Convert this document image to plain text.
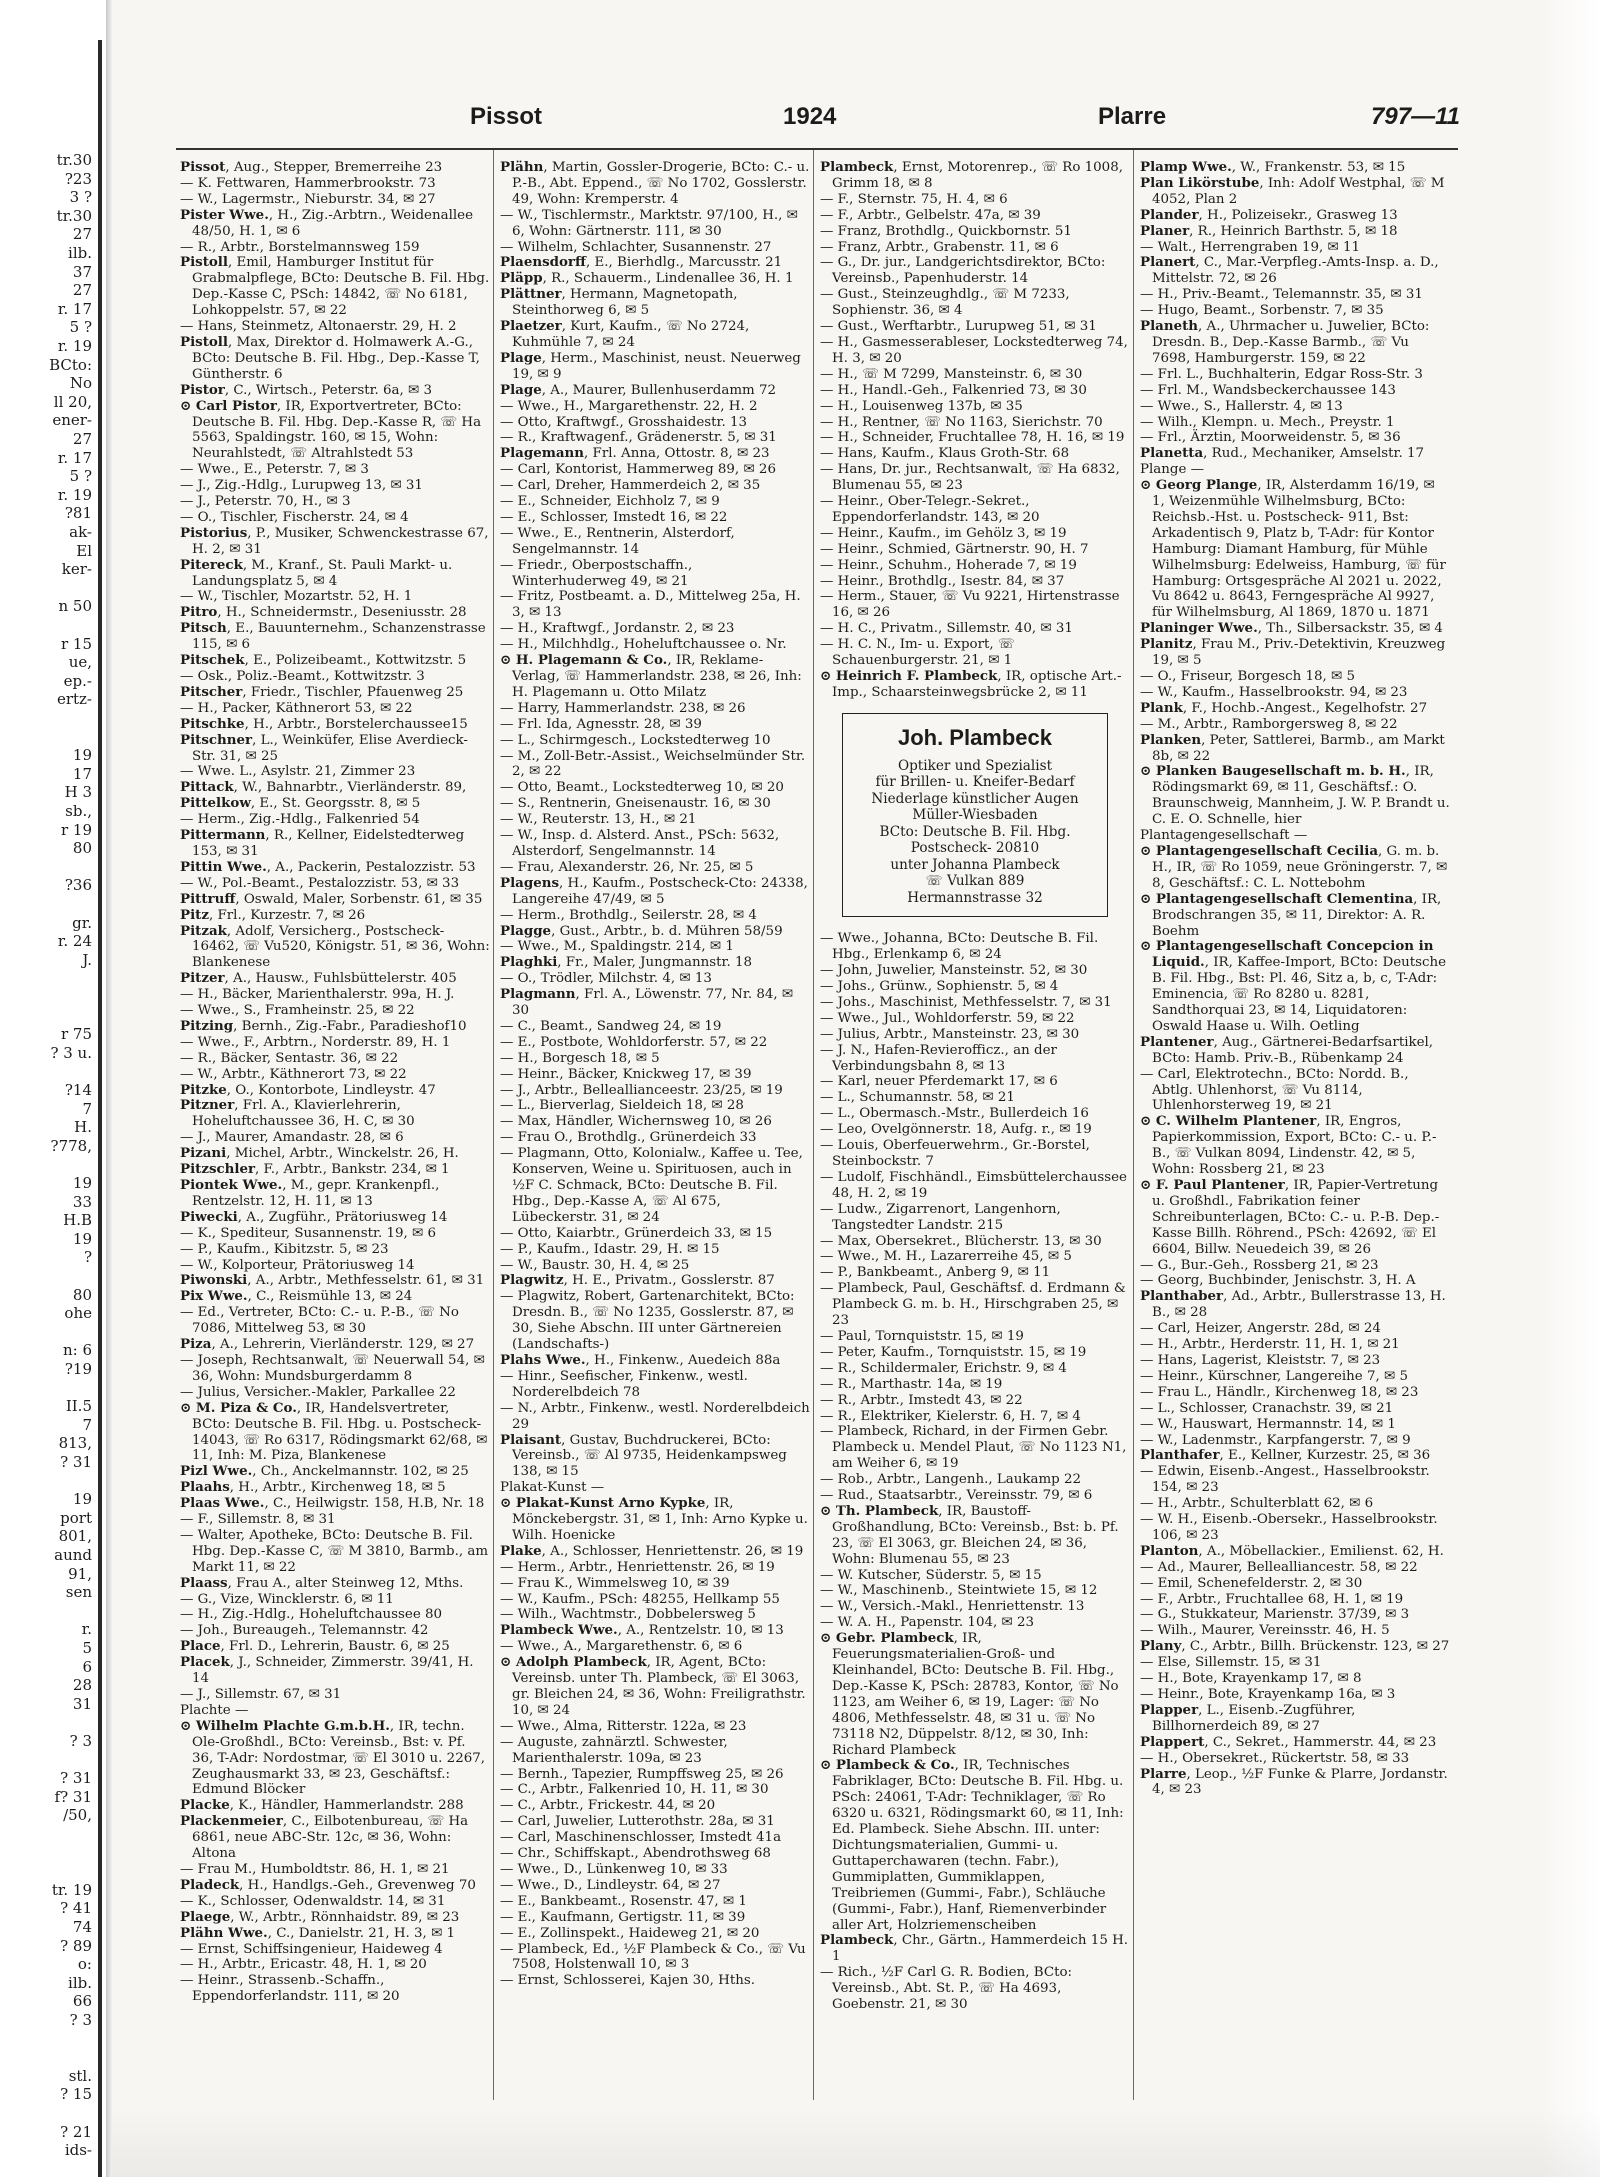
tr.30
?23
3 ?
tr.30
27
ilb.
37
27
r. 17
5 ?
r. 19
BCto:
No
ll 20,
ener-
27
r. 17
5 ?
r. 19
?81
ak-
El
ker-
n 50
r 15
ue,
ep.-
ertz-
19
17
H 3
sb.,
r 19
80
?36
gr.
r. 24
J.
r 75
? 3 u.
?14
7
H.
?778,
19
33
H.B
19
?
80
ohe
n: 6
?19
II.5
7
813,
? 31
19
port
801,
aund
91,
sen
r.
5
6
28
31
? 3
? 31
f? 31
/50,
tr. 19
? 41
74
? 89
o:
ilb.
66
? 3
stl.
? 15
? 21
ids-
Pissot	1924	Plarre	797—11

Pissot, Aug., Stepper, Bremerreihe 23

— K. Fettwaren, Hammerbrookstr. 73

— W., Lagermstr., Nieburstr. 34, ✉ 27

Pister Wwe., H., Zig.-Arbtrn., Weidenallee 48/50, H. 1, ✉ 6

— R., Arbtr., Borstelmannsweg 159

Pistoll, Emil, Hamburger Institut für Grabmalpflege, BCto: Deutsche B. Fil. Hbg. Dep.-Kasse C, PSch: 14842, ☏ No 6181, Lohkoppelstr. 57, ✉ 22

— Hans, Steinmetz, Altonaerstr. 29, H. 2

Pistoll, Max, Direktor d. Holmawerk A.-G., BCto: Deutsche B. Fil. Hbg., Dep.-Kasse T, Güntherstr. 6

Pistor, C., Wirtsch., Peterstr. 6a, ✉ 3

⊙ Carl Pistor, IR, Exportvertreter, BCto: Deutsche B. Fil. Hbg. Dep.-Kasse R, ☏ Ha 5563, Spaldingstr. 160, ✉ 15, Wohn: Neurahlstedt, ☏ Altrahlstedt 53

— Wwe., E., Peterstr. 7, ✉ 3

— J., Zig.-Hdlg., Lurupweg 13, ✉ 31

— J., Peterstr. 70, H., ✉ 3

— O., Tischler, Fischerstr. 24, ✉ 4

Pistorius, P., Musiker, Schwenckestrasse 67, H. 2, ✉ 31

Pitereck, M., Kranf., St. Pauli Markt- u. Landungsplatz 5, ✉ 4

— W., Tischler, Mozartstr. 52, H. 1

Pitro, H., Schneidermstr., Deseniusstr. 28

Pitsch, E., Bauunternehm., Schanzenstrasse 115, ✉ 6

Pitschek, E., Polizeibeamt., Kottwitzstr. 5

— Osk., Poliz.-Beamt., Kottwitzstr. 3

Pitscher, Friedr., Tischler, Pfauenweg 25

— H., Packer, Käthnerort 53, ✉ 22

Pitschke, H., Arbtr., Borstelerchaussee15

Pitschner, L., Weinküfer, Elise Averdieck-Str. 31, ✉ 25

— Wwe. L., Asylstr. 21, Zimmer 23

Pittack, W., Bahnarbtr., Vierländerstr. 89,

Pittelkow, E., St. Georgsstr. 8, ✉ 5

— Herm., Zig.-Hdlg., Falkenried 54

Pittermann, R., Kellner, Eidelstedterweg 153, ✉ 31

Pittin Wwe., A., Packerin, Pestalozzistr. 53

— W., Pol.-Beamt., Pestalozzistr. 53, ✉ 33

Pittruff, Oswald, Maler, Sorbenstr. 61, ✉ 35

Pitz, Frl., Kurzestr. 7, ✉ 26

Pitzak, Adolf, Versicherg., Postscheck-16462, ☏ Vu520, Königstr. 51, ✉ 36, Wohn: Blankenese

Pitzer, A., Hausw., Fuhlsbüttelerstr. 405

— H., Bäcker, Marienthalerstr. 99a, H. J.

— Wwe., S., Framheinstr. 25, ✉ 22

Pitzing, Bernh., Zig.-Fabr., Paradieshof10

— Wwe., F., Arbtrn., Norderstr. 89, H. 1

— R., Bäcker, Sentastr. 36, ✉ 22

— W., Arbtr., Käthnerort 73, ✉ 22

Pitzke, O., Kontorbote, Lindleystr. 47

Pitzner, Frl. A., Klavierlehrerin, Hoheluftchaussee 36, H. C, ✉ 30

— J., Maurer, Amandastr. 28, ✉ 6

Pizani, Michel, Arbtr., Winckelstr. 26, H.

Pitzschler, F., Arbtr., Bankstr. 234, ✉ 1

Piontek Wwe., M., gepr. Krankenpfl., Rentzelstr. 12, H. 11, ✉ 13

Piwecki, A., Zugführ., Prätoriusweg 14

— K., Spediteur, Susannenstr. 19, ✉ 6

— P., Kaufm., Kibitzstr. 5, ✉ 23

— W., Kolporteur, Prätoriusweg 14

Piwonski, A., Arbtr., Methfesselstr. 61, ✉ 31

Pix Wwe., C., Reismühle 13, ✉ 24

— Ed., Vertreter, BCto: C.- u. P.-B., ☏ No 7086, Mittelweg 53, ✉ 30

Piza, A., Lehrerin, Vierländerstr. 129, ✉ 27

— Joseph, Rechtsanwalt, ☏ Neuerwall 54, ✉ 36, Wohn: Mundsburgerdamm 8

— Julius, Versicher.-Makler, Parkallee 22

⊙ M. Piza & Co., IR, Handelsvertreter, BCto: Deutsche B. Fil. Hbg. u. Postscheck-14043, ☏ Ro 6317, Rödingsmarkt 62/68, ✉ 11, Inh: M. Piza, Blankenese

Pizl Wwe., Ch., Anckelmannstr. 102, ✉ 25

Plaahs, H., Arbtr., Kirchenweg 18, ✉ 5

Plaas Wwe., C., Heilwigstr. 158, H.B, Nr. 18

— F., Sillemstr. 8, ✉ 31

— Walter, Apotheke, BCto: Deutsche B. Fil. Hbg. Dep.-Kasse C, ☏ M 3810, Barmb., am Markt 11, ✉ 22

Plaass, Frau A., alter Steinweg 12, Mths.

— G., Vize, Wincklerstr. 6, ✉ 11

— H., Zig.-Hdlg., Hoheluftchaussee 80

— Joh., Bureaugeh., Telemannstr. 42

Place, Frl. D., Lehrerin, Baustr. 6, ✉ 25

Placek, J., Schneider, Zimmerstr. 39/41, H. 14

— J., Sillemstr. 67, ✉ 31

Plachte —

⊙ Wilhelm Plachte G.m.b.H., IR, techn. Ole-Großhdl., BCto: Vereinsb., Bst: v. Pf. 36, T-Adr: Nordostmar, ☏ El 3010 u. 2267, Zeughausmarkt 33, ✉ 23, Geschäftsf.: Edmund Blöcker

Placke, K., Händler, Hammerlandstr. 288

Plackenmeier, C., Eilbotenbureau, ☏ Ha 6861, neue ABC-Str. 12c, ✉ 36, Wohn: Altona

— Frau M., Humboldtstr. 86, H. 1, ✉ 21

Pladeck, H., Handlgs.-Geh., Grevenweg 70

— K., Schlosser, Odenwaldstr. 14, ✉ 31

Plaege, W., Arbtr., Rönnhaidstr. 89, ✉ 23

Plähn Wwe., C., Danielstr. 21, H. 3, ✉ 1

— Ernst, Schiffsingenieur, Haideweg 4

— H., Arbtr., Ericastr. 48, H. 1, ✉ 20

— Heinr., Strassenb.-Schaffn., Eppendorferlandstr. 111, ✉ 20

Plähn, Martin, Gossler-Drogerie, BCto: C.- u. P.-B., Abt. Eppend., ☏ No 1702, Gosslerstr. 49, Wohn: Kremperstr. 4

— W., Tischlermstr., Marktstr. 97/100, H., ✉ 6, Wohn: Gärtnerstr. 111, ✉ 30

— Wilhelm, Schlachter, Susannenstr. 27

Plaensdorff, E., Bierhdlg., Marcusstr. 21

Pläpp, R., Schauerm., Lindenallee 36, H. 1

Plättner, Hermann, Magnetopath, Steinthorweg 6, ✉ 5

Plaetzer, Kurt, Kaufm., ☏ No 2724, Kuhmühle 7, ✉ 24

Plage, Herm., Maschinist, neust. Neuerweg 19, ✉ 9

Plage, A., Maurer, Bullenhuserdamm 72

— Wwe., H., Margarethenstr. 22, H. 2

— Otto, Kraftwgf., Grosshaidestr. 13

— R., Kraftwagenf., Grädenerstr. 5, ✉ 31

Plagemann, Frl. Anna, Ottostr. 8, ✉ 23

— Carl, Kontorist, Hammerweg 89, ✉ 26

— Carl, Dreher, Hammerdeich 2, ✉ 35

— E., Schneider, Eichholz 7, ✉ 9

— E., Schlosser, Imstedt 16, ✉ 22

— Wwe., E., Rentnerin, Alsterdorf, Sengelmannstr. 14

— Friedr., Oberpostschaffn., Winterhuderweg 49, ✉ 21

— Fritz, Postbeamt. a. D., Mittelweg 25a, H. 3, ✉ 13

— H., Kraftwgf., Jordanstr. 2, ✉ 23

— H., Milchhdlg., Hoheluftchaussee o. Nr.

⊙ H. Plagemann & Co., IR, Reklame-Verlag, ☏ Hammerlandstr. 238, ✉ 26, Inh: H. Plagemann u. Otto Milatz

— Harry, Hammerlandstr. 238, ✉ 26

— Frl. Ida, Agnesstr. 28, ✉ 39

— L., Schirmgesch., Lockstedterweg 10

— M., Zoll-Betr.-Assist., Weichselmünder Str. 2, ✉ 22

— Otto, Beamt., Lockstedterweg 10, ✉ 20

— S., Rentnerin, Gneisenaustr. 16, ✉ 30

— W., Reuterstr. 13, H., ✉ 21

— W., Insp. d. Alsterd. Anst., PSch: 5632, Alsterdorf, Sengelmannstr. 14

— Frau, Alexanderstr. 26, Nr. 25, ✉ 5

Plagens, H., Kaufm., Postscheck-Cto: 24338, Langereihe 47/49, ✉ 5

— Herm., Brothdlg., Seilerstr. 28, ✉ 4

Plagge, Gust., Arbtr., b. d. Mühren 58/59

— Wwe., M., Spaldingstr. 214, ✉ 1

Plaghki, Fr., Maler, Jungmannstr. 18

— O., Trödler, Milchstr. 4, ✉ 13

Plagmann, Frl. A., Löwenstr. 77, Nr. 84, ✉ 30

— C., Beamt., Sandweg 24, ✉ 19

— E., Postbote, Wohldorferstr. 57, ✉ 22

— H., Borgesch 18, ✉ 5

— Heinr., Bäcker, Knickweg 17, ✉ 39

— J., Arbtr., Belleallianceestr. 23/25, ✉ 19

— L., Bierverlag, Sieldeich 18, ✉ 28

— Max, Händler, Wichernsweg 10, ✉ 26

— Frau O., Brothdlg., Grünerdeich 33

— Plagmann, Otto, Kolonialw., Kaffee u. Tee, Konserven, Weine u. Spirituosen, auch in ½F C. Schmack, BCto: Deutsche B. Fil. Hbg., Dep.-Kasse A, ☏ Al 675, Lübeckerstr. 31, ✉ 24

— Otto, Kaiarbtr., Grünerdeich 33, ✉ 15

— P., Kaufm., Idastr. 29, H. ✉ 15

— W., Baustr. 30, H. 4, ✉ 25

Plagwitz, H. E., Privatm., Gosslerstr. 87

— Plagwitz, Robert, Gartenarchitekt, BCto: Dresdn. B., ☏ No 1235, Gosslerstr. 87, ✉ 30, Siehe Abschn. III unter Gärtnereien (Landschafts-)

Plahs Wwe., H., Finkenw., Auedeich 88a

— Hinr., Seefischer, Finkenw., westl. Norderelbdeich 78

— N., Arbtr., Finkenw., westl. Norderelbdeich 29

Plaisant, Gustav, Buchdruckerei, BCto: Vereinsb., ☏ Al 9735, Heidenkampsweg 138, ✉ 15

Plakat-Kunst —

⊙ Plakat-Kunst Arno Kypke, IR, Mönckebergstr. 31, ✉ 1, Inh: Arno Kypke u. Wilh. Hoenicke

Plake, A., Schlosser, Henriettenstr. 26, ✉ 19

— Herm., Arbtr., Henriettenstr. 26, ✉ 19

— Frau K., Wimmelsweg 10, ✉ 39

— W., Kaufm., PSch: 48255, Hellkamp 55

— Wilh., Wachtmstr., Dobbelersweg 5

Plambeck Wwe., A., Rentzelstr. 10, ✉ 13

— Wwe., A., Margarethenstr. 6, ✉ 6

⊙ Adolph Plambeck, IR, Agent, BCto: Vereinsb. unter Th. Plambeck, ☏ El 3063, gr. Bleichen 24, ✉ 36, Wohn: Freiligrathstr. 10, ✉ 24

— Wwe., Alma, Ritterstr. 122a, ✉ 23

— Auguste, zahnärztl. Schwester, Marienthalerstr. 109a, ✉ 23

— Bernh., Tapezier, Rumpffsweg 25, ✉ 26

— C., Arbtr., Falkenried 10, H. 11, ✉ 30

— C., Arbtr., Frickestr. 44, ✉ 20

— Carl, Juwelier, Lutterothstr. 28a, ✉ 31

— Carl, Maschinenschlosser, Imstedt 41a

— Chr., Schiffskapt., Abendrothsweg 68

— Wwe., D., Lünkenweg 10, ✉ 33

— Wwe., D., Lindleystr. 64, ✉ 27

— E., Bankbeamt., Rosenstr. 47, ✉ 1

— E., Kaufmann, Gertigstr. 11, ✉ 39

— E., Zollinspekt., Haideweg 21, ✉ 20

— Plambeck, Ed., ½F Plambeck & Co., ☏ Vu 7508, Holstenwall 10, ✉ 3

— Ernst, Schlosserei, Kajen 30, Hths.

Plambeck, Ernst, Motorenrep., ☏ Ro 1008, Grimm 18, ✉ 8

— F., Sternstr. 75, H. 4, ✉ 6

— F., Arbtr., Gelbelstr. 47a, ✉ 39

— Franz, Brothdlg., Quickbornstr. 51

— Franz, Arbtr., Grabenstr. 11, ✉ 6

— G., Dr. jur., Landgerichtsdirektor, BCto: Vereinsb., Papenhuderstr. 14

— Gust., Steinzeughdlg., ☏ M 7233, Sophienstr. 36, ✉ 4

— Gust., Werftarbtr., Lurupweg 51, ✉ 31

— H., Gasmesserableser, Lockstedterweg 74, H. 3, ✉ 20

— H., ☏ M 7299, Mansteinstr. 6, ✉ 30

— H., Handl.-Geh., Falkenried 73, ✉ 30

— H., Louisenweg 137b, ✉ 35

— H., Rentner, ☏ No 1163, Sierichstr. 70

— H., Schneider, Fruchtallee 78, H. 16, ✉ 19

— Hans, Kaufm., Klaus Groth-Str. 68

— Hans, Dr. jur., Rechtsanwalt, ☏ Ha 6832, Blumenau 55, ✉ 23

— Heinr., Ober-Telegr.-Sekret., Eppendorferlandstr. 143, ✉ 20

— Heinr., Kaufm., im Gehölz 3, ✉ 19

— Heinr., Schmied, Gärtnerstr. 90, H. 7

— Heinr., Schuhm., Hoherade 7, ✉ 19

— Heinr., Brothdlg., Isestr. 84, ✉ 37

— Herm., Stauer, ☏ Vu 9221, Hirtenstrasse 16, ✉ 26

— H. C., Privatm., Sillemstr. 40, ✉ 31

— H. C. N., Im- u. Export, ☏ Schauenburgerstr. 21, ✉ 1

⊙ Heinrich F. Plambeck, IR, optische Art.-Imp., Schaarsteinwegsbrücke 2, ✉ 11

Joh. Plambeck
Optiker und Spezialist
für Brillen- u. Kneifer-Bedarf
Niederlage künstlicher Augen
Müller-Wiesbaden
BCto: Deutsche B. Fil. Hbg.
Postscheck- 20810
unter Johanna Plambeck
☏ Vulkan 889
Hermannstrasse 32

— Wwe., Johanna, BCto: Deutsche B. Fil. Hbg., Erlenkamp 6, ✉ 24

— John, Juwelier, Mansteinstr. 52, ✉ 30

— Johs., Grünw., Sophienstr. 5, ✉ 4

— Johs., Maschinist, Methfesselstr. 7, ✉ 31

— Wwe., Jul., Wohldorferstr. 59, ✉ 22

— Julius, Arbtr., Mansteinstr. 23, ✉ 30

— J. N., Hafen-Revierofficz., an der Verbindungsbahn 8, ✉ 13

— Karl, neuer Pferdemarkt 17, ✉ 6

— L., Schumannstr. 58, ✉ 21

— L., Obermasch.-Mstr., Bullerdeich 16

— Leo, Ovelgönnerstr. 18, Aufg. r., ✉ 19

— Louis, Oberfeuerwehrm., Gr.-Borstel, Steinbockstr. 7

— Ludolf, Fischhändl., Eimsbüttelerchaussee 48, H. 2, ✉ 19

— Ludw., Zigarrenort, Langenhorn, Tangstedter Landstr. 215

— Max, Obersekret., Blücherstr. 13, ✉ 30

— Wwe., M. H., Lazarerreihe 45, ✉ 5

— P., Bankbeamt., Anberg 9, ✉ 11

— Plambeck, Paul, Geschäftsf. d. Erdmann & Plambeck G. m. b. H., Hirschgraben 25, ✉ 23

— Paul, Tornquiststr. 15, ✉ 19

— Peter, Kaufm., Tornquiststr. 15, ✉ 19

— R., Schildermaler, Erichstr. 9, ✉ 4

— R., Marthastr. 14a, ✉ 19

— R., Arbtr., Imstedt 43, ✉ 22

— R., Elektriker, Kielerstr. 6, H. 7, ✉ 4

— Plambeck, Richard, in der Firmen Gebr. Plambeck u. Mendel Plaut, ☏ No 1123 N1, am Weiher 6, ✉ 19

— Rob., Arbtr., Langenh., Laukamp 22

— Rud., Staatsarbtr., Vereinsstr. 79, ✉ 6

⊙ Th. Plambeck, IR, Baustoff-Großhandlung, BCto: Vereinsb., Bst: b. Pf. 23, ☏ El 3063, gr. Bleichen 24, ✉ 36, Wohn: Blumenau 55, ✉ 23

— W. Kutscher, Süderstr. 5, ✉ 15

— W., Maschinenb., Steintwiete 15, ✉ 12

— W., Versich.-Makl., Henriettenstr. 13

— W. A. H., Papenstr. 104, ✉ 23

⊙ Gebr. Plambeck, IR, Feuerungsmaterialien-Groß- und Kleinhandel, BCto: Deutsche B. Fil. Hbg., Dep.-Kasse K, PSch: 28783, Kontor, ☏ No 1123, am Weiher 6, ✉ 19, Lager: ☏ No 4806, Methfesselstr. 48, ✉ 31 u. ☏ No 73118 N2, Düppelstr. 8/12, ✉ 30, Inh: Richard Plambeck

⊙ Plambeck & Co., IR, Technisches Fabriklager, BCto: Deutsche B. Fil. Hbg. u. PSch: 24061, T-Adr: Techniklager, ☏ Ro 6320 u. 6321, Rödingsmarkt 60, ✉ 11, Inh: Ed. Plambeck. Siehe Abschn. III. unter: Dichtungsmaterialien, Gummi- u. Guttaperchawaren (techn. Fabr.), Gummiplatten, Gummiklappen, Treibriemen (Gummi-, Fabr.), Schläuche (Gummi-, Fabr.), Hanf, Riemenverbinder aller Art, Holzriemenscheiben

Plambeck, Chr., Gärtn., Hammerdeich 15 H. 1

— Rich., ½F Carl G. R. Bodien, BCto: Vereinsb., Abt. St. P., ☏ Ha 4693, Goebenstr. 21, ✉ 30

Plamp Wwe., W., Frankenstr. 53, ✉ 15

Plan Likörstube, Inh: Adolf Westphal, ☏ M 4052, Plan 2

Plander, H., Polizeisekr., Grasweg 13

Planer, R., Heinrich Barthstr. 5, ✉ 18

— Walt., Herrengraben 19, ✉ 11

Planert, C., Mar.-Verpfleg.-Amts-Insp. a. D., Mittelstr. 72, ✉ 26

— H., Priv.-Beamt., Telemannstr. 35, ✉ 31

— Hugo, Beamt., Sorbenstr. 7, ✉ 35

Planeth, A., Uhrmacher u. Juwelier, BCto: Dresdn. B., Dep.-Kasse Barmb., ☏ Vu 7698, Hamburgerstr. 159, ✉ 22

— Frl. L., Buchhalterin, Edgar Ross-Str. 3

— Frl. M., Wandsbeckerchaussee 143

— Wwe., S., Hallerstr. 4, ✉ 13

— Wilh., Klempn. u. Mech., Preystr. 1

— Frl., Ärztin, Moorweidenstr. 5, ✉ 36

Planetta, Rud., Mechaniker, Amselstr. 17

Plange —

⊙ Georg Plange, IR, Alsterdamm 16/19, ✉ 1, Weizenmühle Wilhelmsburg, BCto: Reichsb.-Hst. u. Postscheck- 911, Bst: Arkadentisch 9, Platz b, T-Adr: für Kontor Hamburg: Diamant Hamburg, für Mühle Wilhelmsburg: Edelweiss, Hamburg, ☏ für Hamburg: Ortsgespräche Al 2021 u. 2022, Vu 8642 u. 8643, Ferngespräche Al 9927, für Wilhelmsburg, Al 1869, 1870 u. 1871

Planinger Wwe., Th., Silbersackstr. 35, ✉ 4

Planitz, Frau M., Priv.-Detektivin, Kreuzweg 19, ✉ 5

— O., Friseur, Borgesch 18, ✉ 5

— W., Kaufm., Hasselbrookstr. 94, ✉ 23

Plank, F., Hochb.-Angest., Kegelhofstr. 27

— M., Arbtr., Ramborgersweg 8, ✉ 22

Planken, Peter, Sattlerei, Barmb., am Markt 8b, ✉ 22

⊙ Planken Baugesellschaft m. b. H., IR, Rödingsmarkt 69, ✉ 11, Geschäftsf.: O. Braunschweig, Mannheim, J. W. P. Brandt u. C. E. O. Schnelle, hier

Plantagengesellschaft —

⊙ Plantagengesellschaft Cecilia, G. m. b. H., IR, ☏ Ro 1059, neue Gröningerstr. 7, ✉ 8, Geschäftsf.: C. L. Nottebohm

⊙ Plantagengesellschaft Clementina, IR, Brodschrangen 35, ✉ 11, Direktor: A. R. Boehm

⊙ Plantagengesellschaft Concepcion in Liquid., IR, Kaffee-Import, BCto: Deutsche B. Fil. Hbg., Bst: Pl. 46, Sitz a, b, c, T-Adr: Eminencia, ☏ Ro 8280 u. 8281, Sandthorquai 23, ✉ 14, Liquidatoren: Oswald Haase u. Wilh. Oetling

Plantener, Aug., Gärtnerei-Bedarfsartikel, BCto: Hamb. Priv.-B., Rübenkamp 24

— Carl, Elektrotechn., BCto: Nordd. B., Abtlg. Uhlenhorst, ☏ Vu 8114, Uhlenhorsterweg 19, ✉ 21

⊙ C. Wilhelm Plantener, IR, Engros, Papierkommission, Export, BCto: C.- u. P.-B., ☏ Vulkan 8094, Lindenstr. 42, ✉ 5, Wohn: Rossberg 21, ✉ 23

⊙ F. Paul Plantener, IR, Papier-Vertretung u. Großhdl., Fabrikation feiner Schreibunterlagen, BCto: C.- u. P.-B. Dep.-Kasse Billh. Röhrend., PSch: 42692, ☏ El 6604, Billw. Neuedeich 39, ✉ 26

— G., Bur.-Geh., Rossberg 21, ✉ 23

— Georg, Buchbinder, Jenischstr. 3, H. A

Planthaber, Ad., Arbtr., Bullerstrasse 13, H. B., ✉ 28

— Carl, Heizer, Angerstr. 28d, ✉ 24

— H., Arbtr., Herderstr. 11, H. 1, ✉ 21

— Hans, Lagerist, Kleiststr. 7, ✉ 23

— Heinr., Kürschner, Langereihe 7, ✉ 5

— Frau L., Händlr., Kirchenweg 18, ✉ 23

— L., Schlosser, Cranachstr. 39, ✉ 21

— W., Hauswart, Hermannstr. 14, ✉ 1

— W., Ladenmstr., Karpfangerstr. 7, ✉ 9

Planthafer, E., Kellner, Kurzestr. 25, ✉ 36

— Edwin, Eisenb.-Angest., Hasselbrookstr. 154, ✉ 23

— H., Arbtr., Schulterblatt 62, ✉ 6

— W. H., Eisenb.-Obersekr., Hasselbrookstr. 106, ✉ 23

Planton, A., Möbellackier., Emilienst. 62, H.

— Ad., Maurer, Bellealliancestr. 58, ✉ 22

— Emil, Schenefelderstr. 2, ✉ 30

— F., Arbtr., Fruchtallee 68, H. 1, ✉ 19

— G., Stukkateur, Marienstr. 37/39, ✉ 3

— Wilh., Maurer, Vereinsstr. 46, H. 5

Plany, C., Arbtr., Billh. Brückenstr. 123, ✉ 27

— Else, Sillemstr. 15, ✉ 31

— H., Bote, Krayenkamp 17, ✉ 8

— Heinr., Bote, Krayenkamp 16a, ✉ 3

Plapper, L., Eisenb.-Zugführer, Billhornerdeich 89, ✉ 27

Plappert, C., Sekret., Hammerstr. 44, ✉ 23

— H., Obersekret., Rückertstr. 58, ✉ 33

Plarre, Leop., ½F Funke & Plarre, Jordanstr. 4, ✉ 23
